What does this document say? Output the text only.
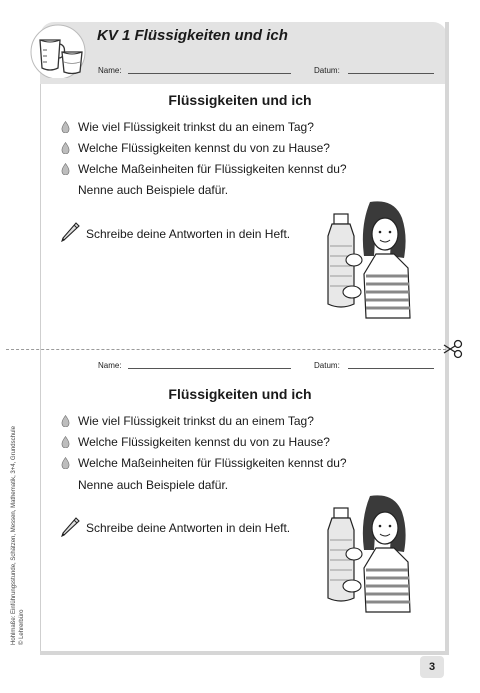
KV 1 Flüssigkeiten und ich
Name:	Datum:
Flüssigkeiten und ich
Wie viel Flüssigkeit trinkst du an einem Tag?
Welche Flüssigkeiten kennst du von zu Hause?
Welche Maßeinheiten für Flüssigkeiten kennst du?
Nenne auch Beispiele dafür.
Schreibe deine Antworten in dein Heft.
Name:	Datum:
Flüssigkeiten und ich
Wie viel Flüssigkeit trinkst du an einem Tag?
Welche Flüssigkeiten kennst du von zu Hause?
Welche Maßeinheiten für Flüssigkeiten kennst du?
Nenne auch Beispiele dafür.
Schreibe deine Antworten in dein Heft.
Hohlmaße: Einführungsstunde, Schätzen, Messen, Mathematik, 3+4, Grundschule © Lehrerbüro
3
